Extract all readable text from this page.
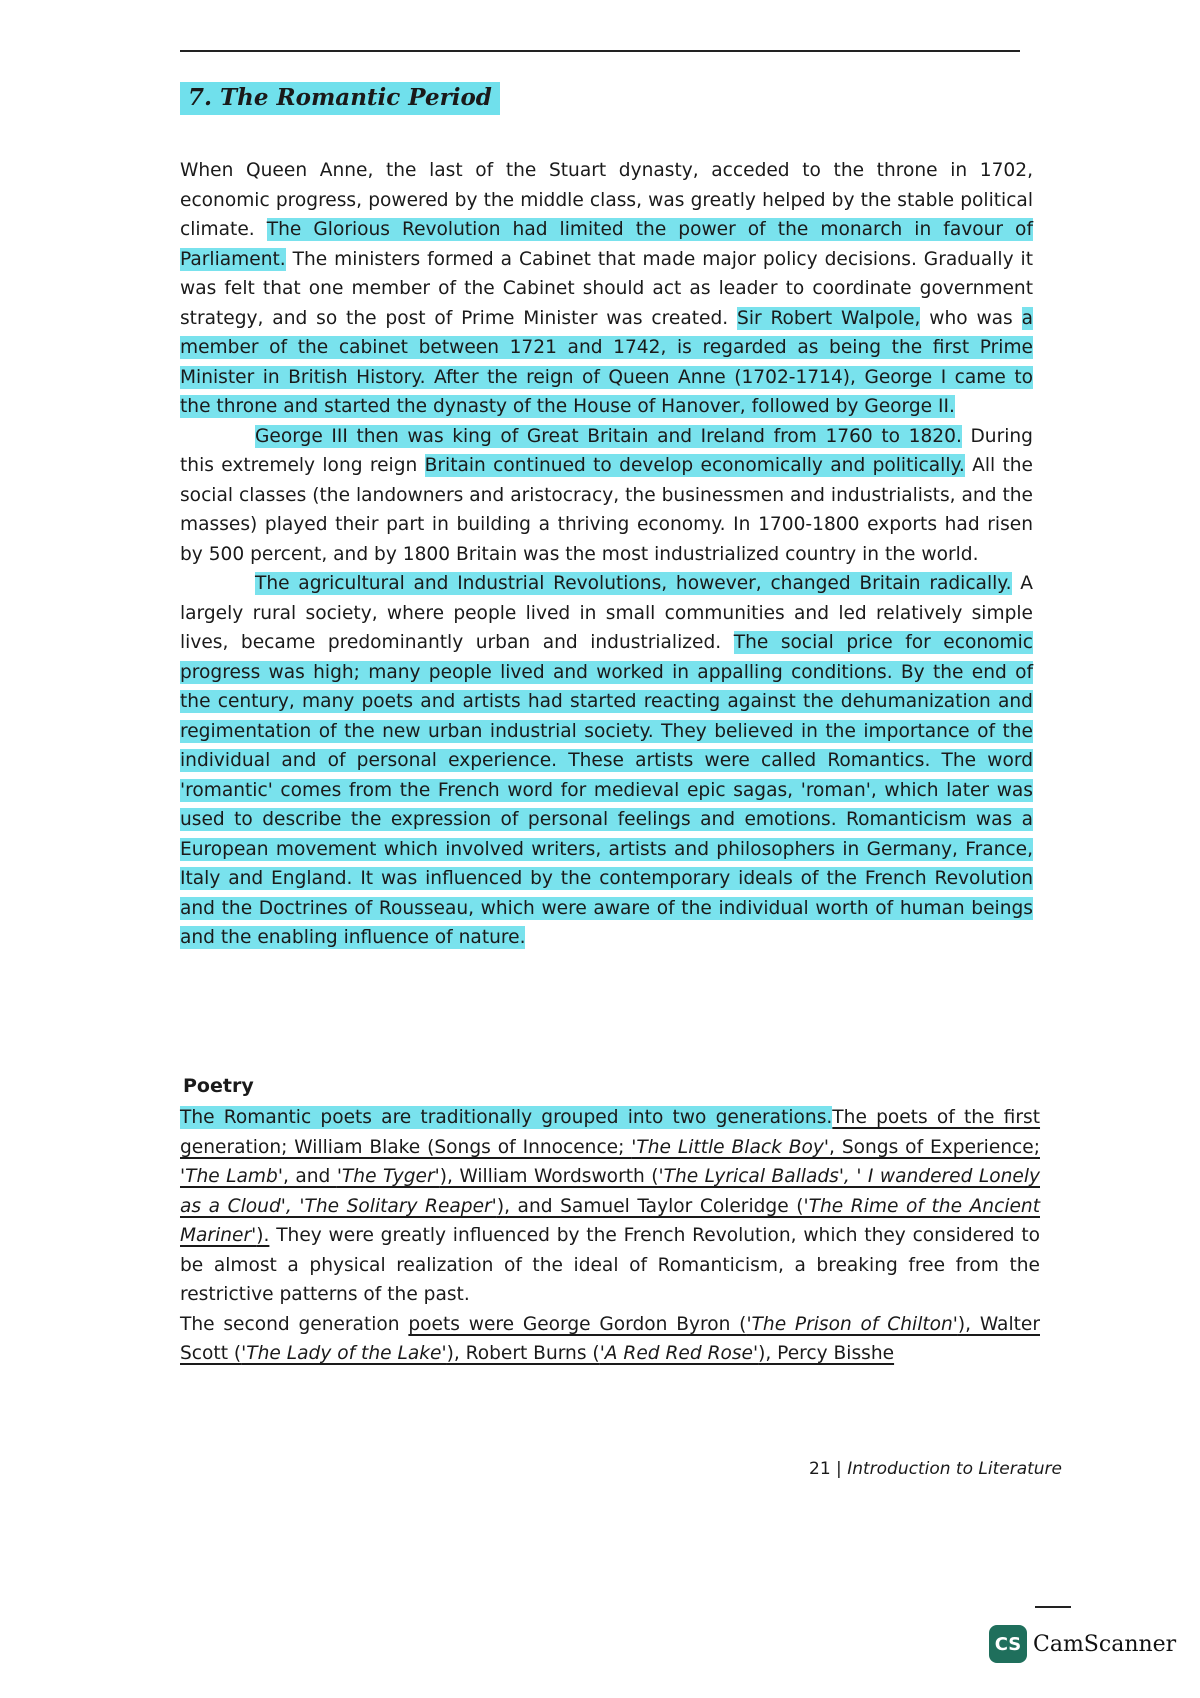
7. The Romantic Period

When Queen Anne, the last of the Stuart dynasty, acceded to the throne in 1702, economic progress, powered by the middle class, was greatly helped by the stable political climate. The Glorious Revolution had limited the power of the monarch in favour of Parliament. The ministers formed a Cabinet that made major policy decisions. Gradually it was felt that one member of the Cabinet should act as leader to coordinate government strategy, and so the post of Prime Minister was created. Sir Robert Walpole, who was a member of the cabinet between 1721 and 1742, is regarded as being the first Prime Minister in British History. After the reign of Queen Anne (1702-1714), George I came to the throne and started the dynasty of the House of Hanover, followed by George II.

George III then was king of Great Britain and Ireland from 1760 to 1820. During this extremely long reign Britain continued to develop economically and politically. All the social classes (the landowners and aristocracy, the businessmen and industrialists, and the masses) played their part in building a thriving economy. In 1700-1800 exports had risen by 500 percent, and by 1800 Britain was the most industrialized country in the world.

The agricultural and Industrial Revolutions, however, changed Britain radically. A largely rural society, where people lived in small communities and led relatively simple lives, became predominantly urban and industrialized. The social price for economic progress was high; many people lived and worked in appalling conditions. By the end of the century, many poets and artists had started reacting against the dehumanization and regimentation of the new urban industrial society. They believed in the importance of the individual and of personal experience. These artists were called Romantics. The word 'romantic' comes from the French word for medieval epic sagas, 'roman', which later was used to describe the expression of personal feelings and emotions. Romanticism was a European movement which involved writers, artists and philosophers in Germany, France, Italy and England. It was influenced by the contemporary ideals of the French Revolution and the Doctrines of Rousseau, which were aware of the individual worth of human beings and the enabling influence of nature.

Poetry

The Romantic poets are traditionally grouped into two generations.The poets of the first generation; William Blake (Songs of Innocence; 'The Little Black Boy', Songs of Experience; 'The Lamb', and 'The Tyger'), William Wordsworth ('The Lyrical Ballads', ' I wandered Lonely as a Cloud', 'The Solitary Reaper'), and Samuel Taylor Coleridge ('The Rime of the Ancient Mariner'). They were greatly influenced by the French Revolution, which they considered to be almost a physical realization of the ideal of Romanticism, a breaking free from the restrictive patterns of the past.

The second generation poets were George Gordon Byron ('The Prison of Chilton'), Walter Scott ('The Lady of the Lake'), Robert Burns ('A Red Red Rose'), Percy Bisshe

21 | Introduction to Literature
CS CamScanner
